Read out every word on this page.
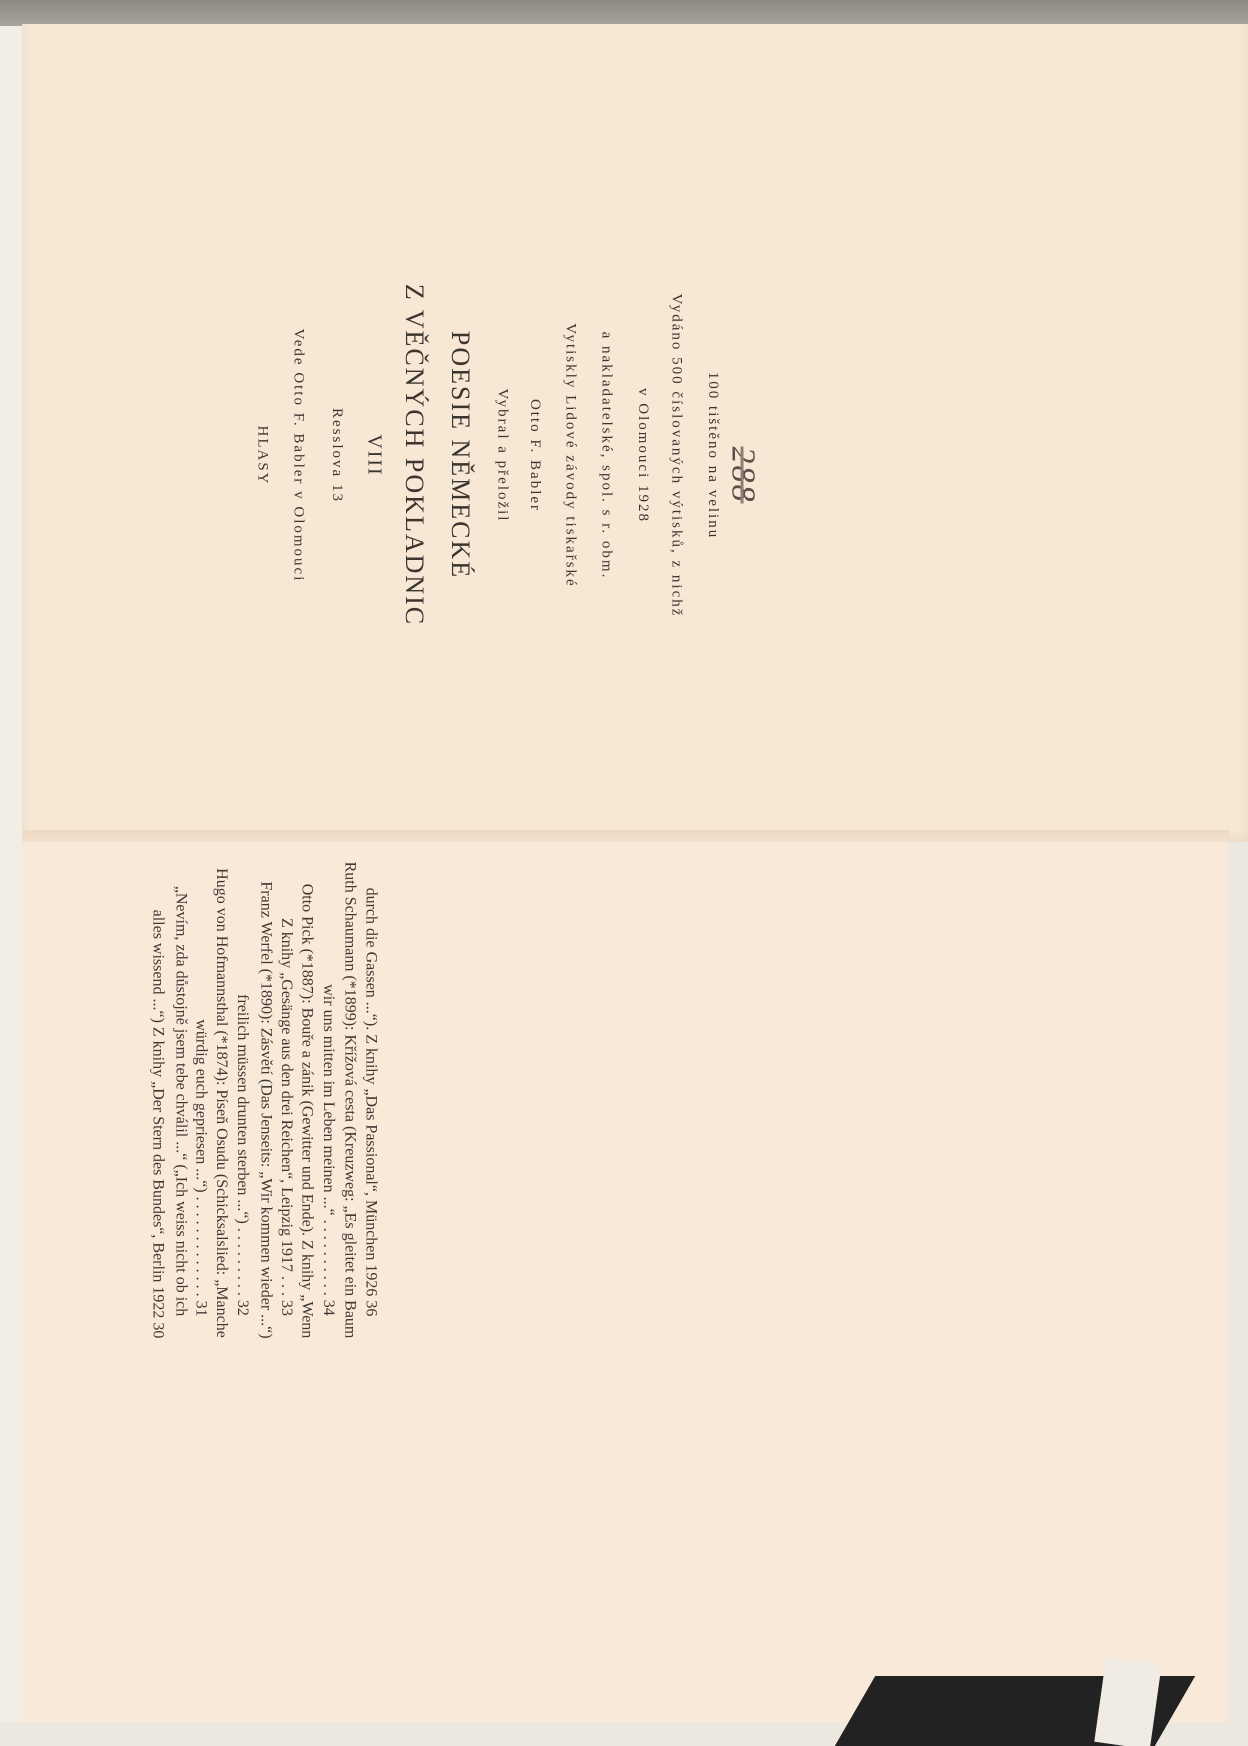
HLASY Vede Otto F. Babler v Olomouci Resslova 13 VIII Z VĚČNÝCH POKLADNIC POESIE NĚMECKÉ Vybral a přeložil Otto F. Babler Vytiskly Lidové závody tiskařské a nakladatelské, spol. s r. obm. v Olomouci 1928 Vydáno 500 číslovaných výtisků, z nichž 100 tištěno na velinu 288
alles wissend ...“) Z knihy „Der Stern des Bundes“, Berlin 1922 30 „Nevím, zda důstojně jsem tebe chválil ...“ („Ich weiss nicht ob ich würdig euch gepriesen ...“) . . . . . . . . . . . . . 31 Hugo von Hofmannsthal (*1874): Píseň Osudu (Schicksalslied: „Manche freilich müssen drunten sterben ...“) . . . . . . . . . 32 Franz Werfel (*1890): Zásvětí (Das Jenseits: „Wir kommen wieder ...“) Z knihy „Gesänge aus den drei Reichen“, Leipzig 1917 . . . 33 Otto Pick (*1887): Bouře a zánik (Gewitter und Ende). Z knihy „Wenn wir uns mitten im Leben meinen ...“ . . . . . . . . . . 34 Ruth Schaumann (*1899): Křížová cesta (Kreuzweg: „Es gleitet ein Baum durch die Gassen ...“). Z knihy „Das Passional“, München 1926 36
